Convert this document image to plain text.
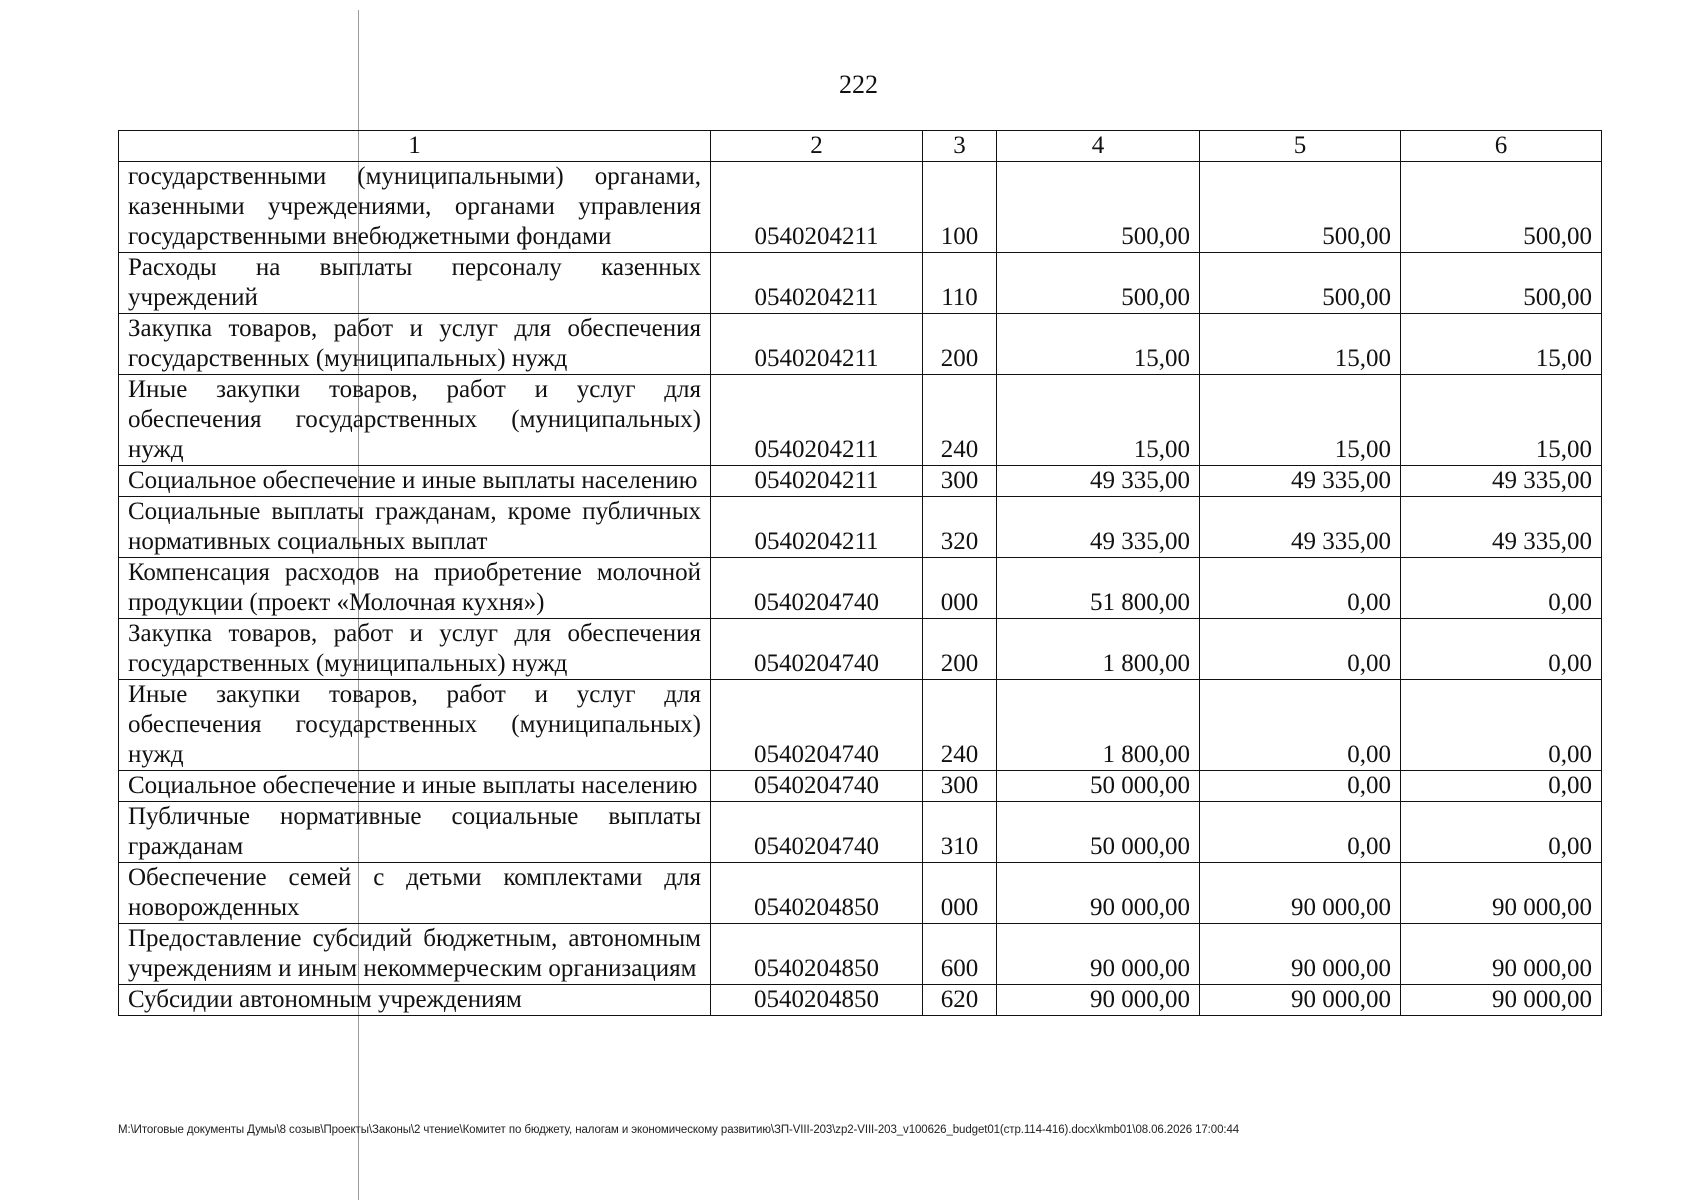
222
1	2	3	4	5	6
государственными (муниципальными) органами, казенными учреждениями, органами управления государственными внебюджетными фондами	0540204211	100	500,00	500,00	500,00
Расходы на выплаты персоналу казенных учреждений	0540204211	110	500,00	500,00	500,00
Закупка товаров, работ и услуг для обеспечения государственных (муниципальных) нужд	0540204211	200	15,00	15,00	15,00
Иные закупки товаров, работ и услуг для обеспечения государственных (муниципальных) нужд	0540204211	240	15,00	15,00	15,00
Социальное обеспечение и иные выплаты населению	0540204211	300	49 335,00	49 335,00	49 335,00
Социальные выплаты гражданам, кроме публичных нормативных социальных выплат	0540204211	320	49 335,00	49 335,00	49 335,00
Компенсация расходов на приобретение молочной продукции (проект «Молочная кухня»)	0540204740	000	51 800,00	0,00	0,00
Закупка товаров, работ и услуг для обеспечения государственных (муниципальных) нужд	0540204740	200	1 800,00	0,00	0,00
Иные закупки товаров, работ и услуг для обеспечения государственных (муниципальных) нужд	0540204740	240	1 800,00	0,00	0,00
Социальное обеспечение и иные выплаты населению	0540204740	300	50 000,00	0,00	0,00
Публичные нормативные социальные выплаты гражданам	0540204740	310	50 000,00	0,00	0,00
Обеспечение семей с детьми комплектами для новорожденных	0540204850	000	90 000,00	90 000,00	90 000,00
Предоставление субсидий бюджетным, автономным учреждениям и иным некоммерческим организациям	0540204850	600	90 000,00	90 000,00	90 000,00
Субсидии автономным учреждениям	0540204850	620	90 000,00	90 000,00	90 000,00
M:\Итоговые документы Думы\8 созыв\Проекты\Законы\2 чтение\Комитет по бюджету, налогам и экономическому развитию\ЗП-VIII-203\zp2-VIII-203_v100626_budget01(стр.114-416).docx\kmb01\08.06.2026 17:00:44
